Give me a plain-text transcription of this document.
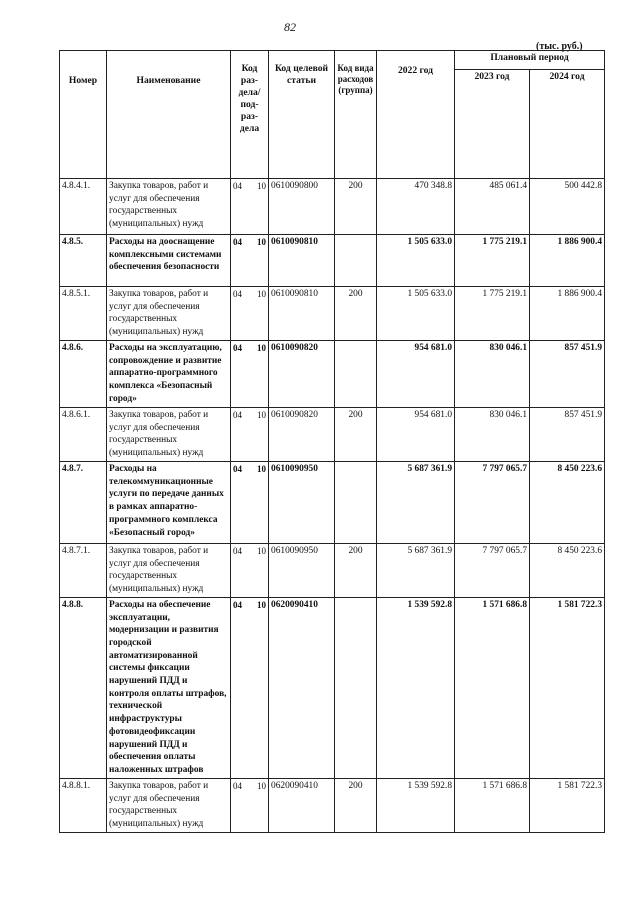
82
(тыс. руб.)
Номер	Наименование	Код раз-дела/ под-раз-дела	Код целевой статьи	Код вида расходов (группа)	2022 год	Плановый период	
						2023 год	2024 год
4.8.4.1.	Закупка товаров, работ и услуг для обеспечения государственных (муниципальных) нужд	04 10	0610090800	200	470 348.8	485 061.4	500 442.8
4.8.5.	Расходы на дооснащение комплексными системами обеспечения безопасности	04 10	0610090810		1 505 633.0	1 775 219.1	1 886 900.4
4.8.5.1.	Закупка товаров, работ и услуг для обеспечения государственных (муниципальных) нужд	04 10	0610090810	200	1 505 633.0	1 775 219.1	1 886 900.4
4.8.6.	Расходы на эксплуатацию, сопровождение и развитие аппаратно-программного комплекса «Безопасный город»	04 10	0610090820		954 681.0	830 046.1	857 451.9
4.8.6.1.	Закупка товаров, работ и услуг для обеспечения государственных (муниципальных) нужд	04 10	0610090820	200	954 681.0	830 046.1	857 451.9
4.8.7.	Расходы на телекоммуникационные услуги по передаче данных в рамках аппаратно-программного комплекса «Безопасный город»	04 10	0610090950		5 687 361.9	7 797 065.7	8 450 223.6
4.8.7.1.	Закупка товаров, работ и услуг для обеспечения государственных (муниципальных) нужд	04 10	0610090950	200	5 687 361.9	7 797 065.7	8 450 223.6
4.8.8.	Расходы на обеспечение эксплуатации, модернизации и развития городской автоматизированной системы фиксации нарушений ПДД и контроля оплаты штрафов, технической инфраструктуры фотовидеофиксации нарушений ПДД и обеспечения оплаты наложенных штрафов	04 10	0620090410		1 539 592.8	1 571 686.8	1 581 722.3
4.8.8.1.	Закупка товаров, работ и услуг для обеспечения государственных (муниципальных) нужд	04 10	0620090410	200	1 539 592.8	1 571 686.8	1 581 722.3
